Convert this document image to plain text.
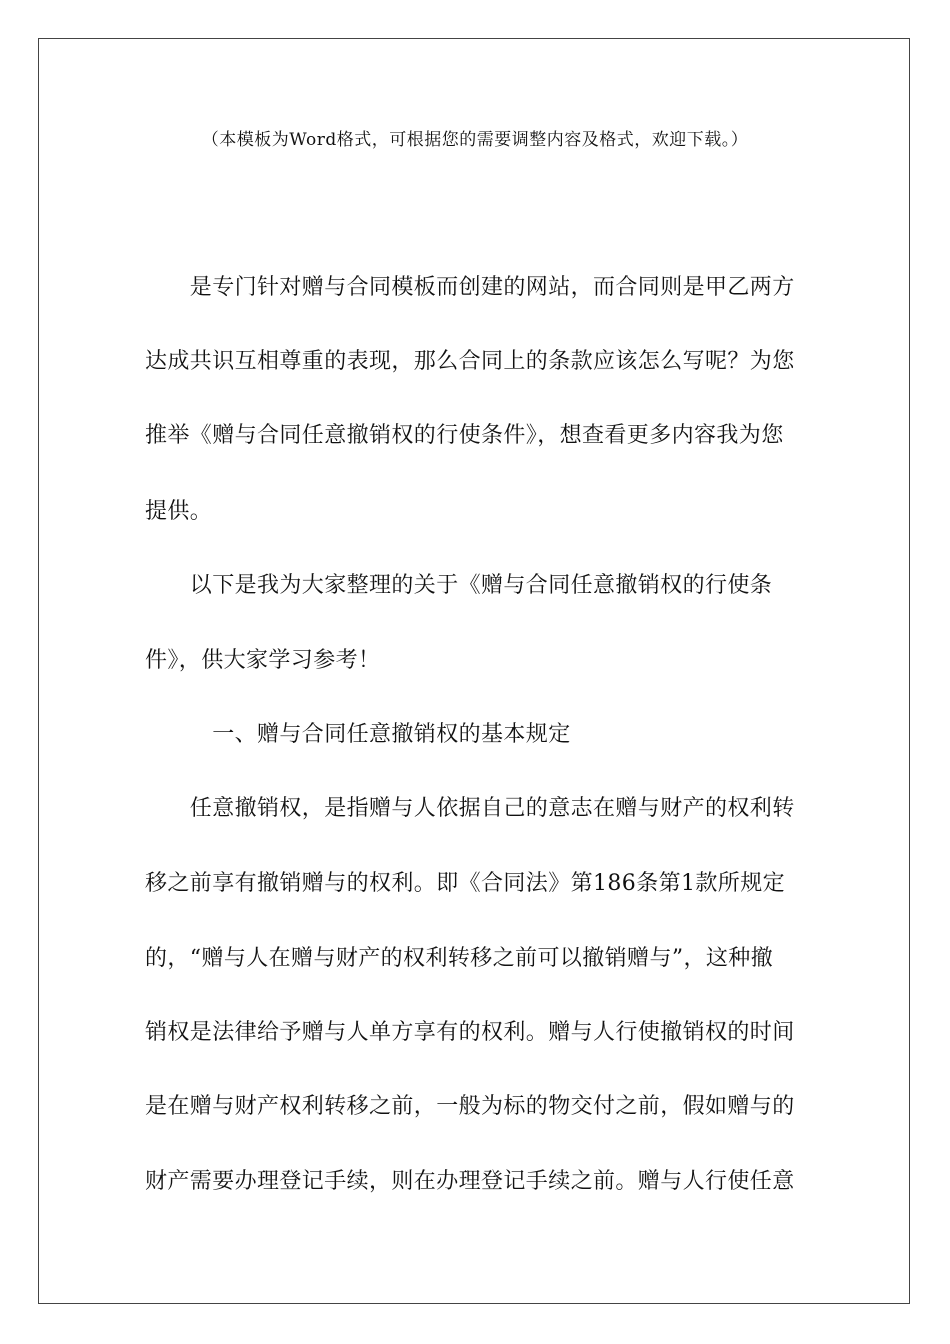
（本模板为Word格式，可根据您的需要调整内容及格式，欢迎下载。）
　　是专门针对赠与合同模板而创建的网站，而合同则是甲乙两方
达成共识互相尊重的表现，那么合同上的条款应该怎么写呢？为您
推举《赠与合同任意撤销权的行使条件》，想查看更多内容我为您
提供。
　　以下是我为大家整理的关于《赠与合同任意撤销权的行使条
件》，供大家学习参考！
　　　一、赠与合同任意撤销权的基本规定
　　任意撤销权，是指赠与人依据自己的意志在赠与财产的权利转
移之前享有撤销赠与的权利。即《合同法》第186条第1款所规定
的，“赠与人在赠与财产的权利转移之前可以撤销赠与”，这种撤
销权是法律给予赠与人单方享有的权利。赠与人行使撤销权的时间
是在赠与财产权利转移之前，一般为标的物交付之前，假如赠与的
财产需要办理登记手续，则在办理登记手续之前。赠与人行使任意
